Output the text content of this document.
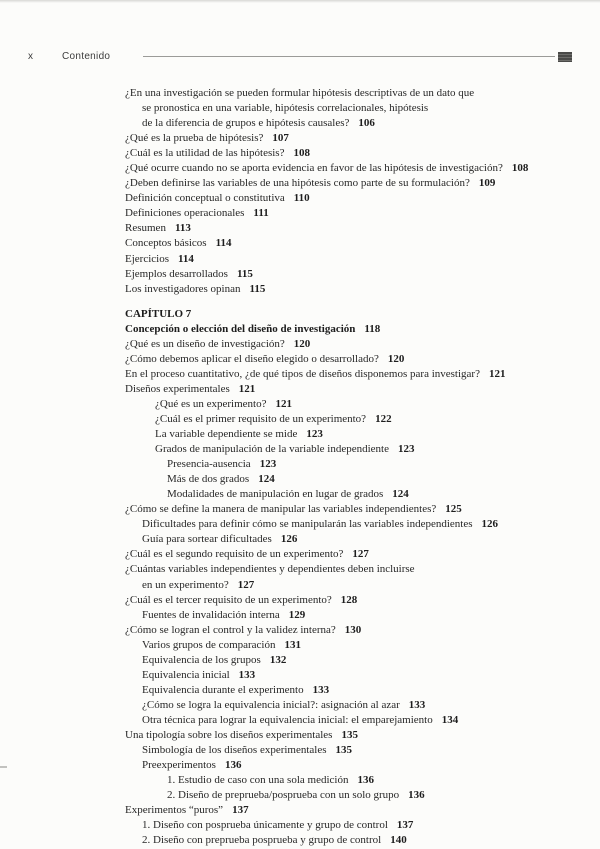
x	Contenido
¿En una investigación se pueden formular hipótesis descriptivas de un dato que
se pronostica en una variable, hipótesis correlacionales, hipótesis
de la diferencia de grupos e hipótesis causales? 106
¿Qué es la prueba de hipótesis? 107
¿Cuál es la utilidad de las hipótesis? 108
¿Qué ocurre cuando no se aporta evidencia en favor de las hipótesis de investigación? 108
¿Deben definirse las variables de una hipótesis como parte de su formulación? 109
Definición conceptual o constitutiva 110
Definiciones operacionales 111
Resumen 113
Conceptos básicos 114
Ejercicios 114
Ejemplos desarrollados 115
Los investigadores opinan 115
CAPÍTULO 7
Concepción o elección del diseño de investigación 118
¿Qué es un diseño de investigación? 120
¿Cómo debemos aplicar el diseño elegido o desarrollado? 120
En el proceso cuantitativo, ¿de qué tipos de diseños disponemos para investigar? 121
Diseños experimentales 121
¿Qué es un experimento? 121
¿Cuál es el primer requisito de un experimento? 122
La variable dependiente se mide 123
Grados de manipulación de la variable independiente 123
Presencia-ausencia 123
Más de dos grados 124
Modalidades de manipulación en lugar de grados 124
¿Cómo se define la manera de manipular las variables independientes? 125
Dificultades para definir cómo se manipularán las variables independientes 126
Guía para sortear dificultades 126
¿Cuál es el segundo requisito de un experimento? 127
¿Cuántas variables independientes y dependientes deben incluirse
en un experimento? 127
¿Cuál es el tercer requisito de un experimento? 128
Fuentes de invalidación interna 129
¿Cómo se logran el control y la validez interna? 130
Varios grupos de comparación 131
Equivalencia de los grupos 132
Equivalencia inicial 133
Equivalencia durante el experimento 133
¿Cómo se logra la equivalencia inicial?: asignación al azar 133
Otra técnica para lograr la equivalencia inicial: el emparejamiento 134
Una tipología sobre los diseños experimentales 135
Simbología de los diseños experimentales 135
Preexperimentos 136
1. Estudio de caso con una sola medición 136
2. Diseño de preprueba/posprueba con un solo grupo 136
Experimentos “puros” 137
1. Diseño con posprueba únicamente y grupo de control 137
2. Diseño con preprueba posprueba y grupo de control 140
